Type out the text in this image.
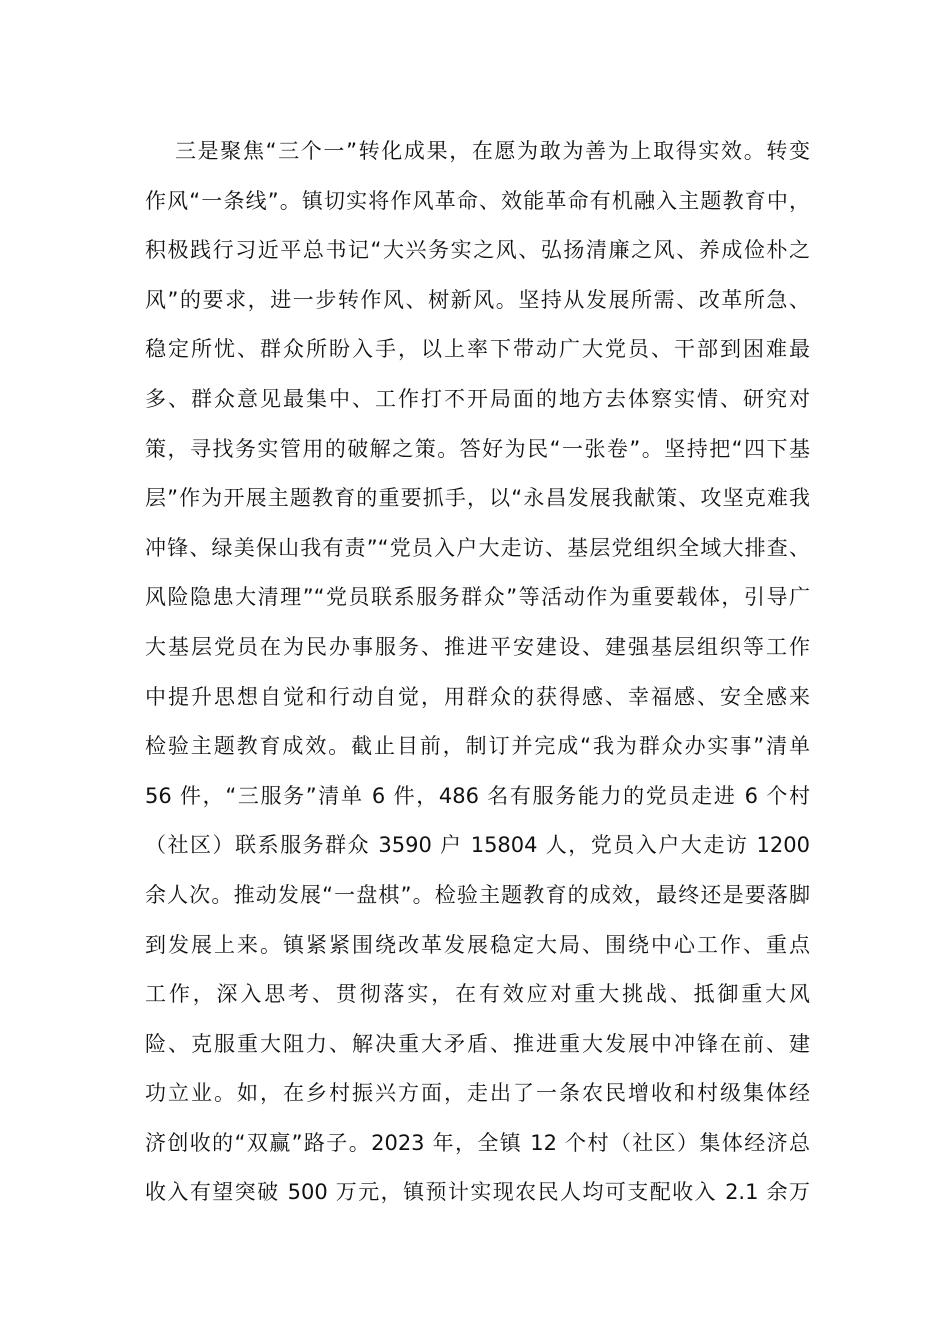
三是聚焦“三个一”转化成果，在愿为敢为善为上取得实效。转变
作风“一条线”。镇切实将作风革命、效能革命有机融入主题教育中，
积极践行习近平总书记“大兴务实之风、弘扬清廉之风、养成俭朴之
风”的要求，进一步转作风、树新风。坚持从发展所需、改革所急、
稳定所忧、群众所盼入手，以上率下带动广大党员、干部到困难最
多、群众意见最集中、工作打不开局面的地方去体察实情、研究对
策，寻找务实管用的破解之策。答好为民“一张卷”。坚持把“四下基
层”作为开展主题教育的重要抓手，以“永昌发展我献策、攻坚克难我
冲锋、绿美保山我有责”“党员入户大走访、基层党组织全域大排查、
风险隐患大清理”“党员联系服务群众”等活动作为重要载体，引导广
大基层党员在为民办事服务、推进平安建设、建强基层组织等工作
中提升思想自觉和行动自觉，用群众的获得感、幸福感、安全感来
检验主题教育成效。截止目前，制订并完成“我为群众办实事”清单
56 件，“三服务”清单 6 件，486 名有服务能力的党员走进 6 个村
（社区）联系服务群众 3590 户 15804 人，党员入户大走访 1200
余人次。推动发展“一盘棋”。检验主题教育的成效，最终还是要落脚
到发展上来。镇紧紧围绕改革发展稳定大局、围绕中心工作、重点
工作，深入思考、贯彻落实，在有效应对重大挑战、抵御重大风
险、克服重大阻力、解决重大矛盾、推进重大发展中冲锋在前、建
功立业。如，在乡村振兴方面，走出了一条农民增收和村级集体经
济创收的“双赢”路子。2023 年，全镇 12 个村（社区）集体经济总
收入有望突破 500 万元，镇预计实现农民人均可支配收入 2.1 余万
